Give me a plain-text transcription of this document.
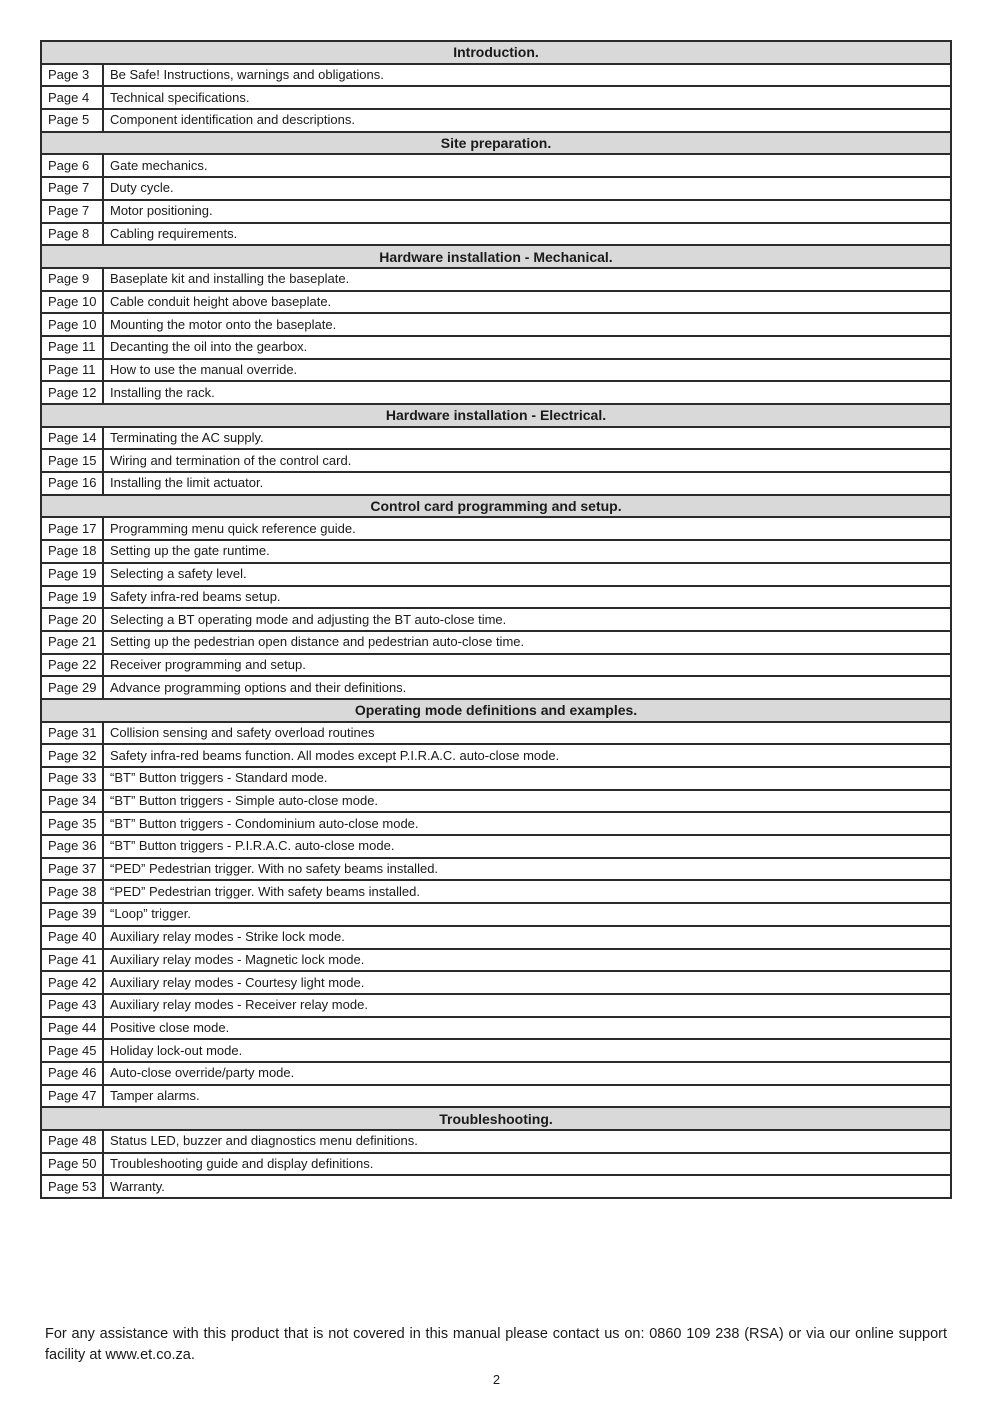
Introduction.	
Page 3	Be Safe! Instructions, warnings and obligations.
Page 4	Technical specifications.
Page 5	Component identification and descriptions.
Site preparation.	
Page 6	Gate mechanics.
Page 7	Duty cycle.
Page 7	Motor positioning.
Page 8	Cabling requirements.
Hardware installation - Mechanical.	
Page 9	Baseplate kit and installing the baseplate.
Page 10	Cable conduit height above baseplate.
Page 10	Mounting the motor onto the baseplate.
Page 11	Decanting the oil into the gearbox.
Page 11	How to use the manual override.
Page 12	Installing the rack.
Hardware installation - Electrical.	
Page 14	Terminating the AC supply.
Page 15	Wiring and termination of the control card.
Page 16	Installing the limit actuator.
Control card programming and setup.	
Page 17	Programming menu quick reference guide.
Page 18	Setting up the gate runtime.
Page 19	Selecting a safety level.
Page 19	Safety infra-red beams setup.
Page 20	Selecting a BT operating mode and adjusting the BT auto-close time.
Page 21	Setting up the pedestrian open distance and pedestrian auto-close time.
Page 22	Receiver programming and setup.
Page 29	Advance programming options and their definitions.
Operating mode definitions and examples.	
Page 31	Collision sensing and safety overload routines
Page 32	Safety infra-red beams function. All modes except P.I.R.A.C. auto-close mode.
Page 33	“BT” Button triggers - Standard mode.
Page 34	“BT” Button triggers - Simple auto-close mode.
Page 35	“BT” Button triggers - Condominium auto-close mode.
Page 36	“BT” Button triggers - P.I.R.A.C. auto-close mode.
Page 37	“PED” Pedestrian trigger. With no safety beams installed.
Page 38	“PED” Pedestrian trigger. With safety beams installed.
Page 39	“Loop” trigger.
Page 40	Auxiliary relay modes - Strike lock mode.
Page 41	Auxiliary relay modes - Magnetic lock mode.
Page 42	Auxiliary relay modes - Courtesy light mode.
Page 43	Auxiliary relay modes - Receiver relay mode.
Page 44	Positive close mode.
Page 45	Holiday lock-out mode.
Page 46	Auto-close override/party mode.
Page 47	Tamper alarms.
Troubleshooting.	
Page 48	Status LED, buzzer and diagnostics menu definitions.
Page 50	Troubleshooting guide and display definitions.
Page 53	Warranty.
For any assistance with this product that is not covered in this manual please contact us on: 0860 109 238 (RSA) or via our online support facility at www.et.co.za.
2
